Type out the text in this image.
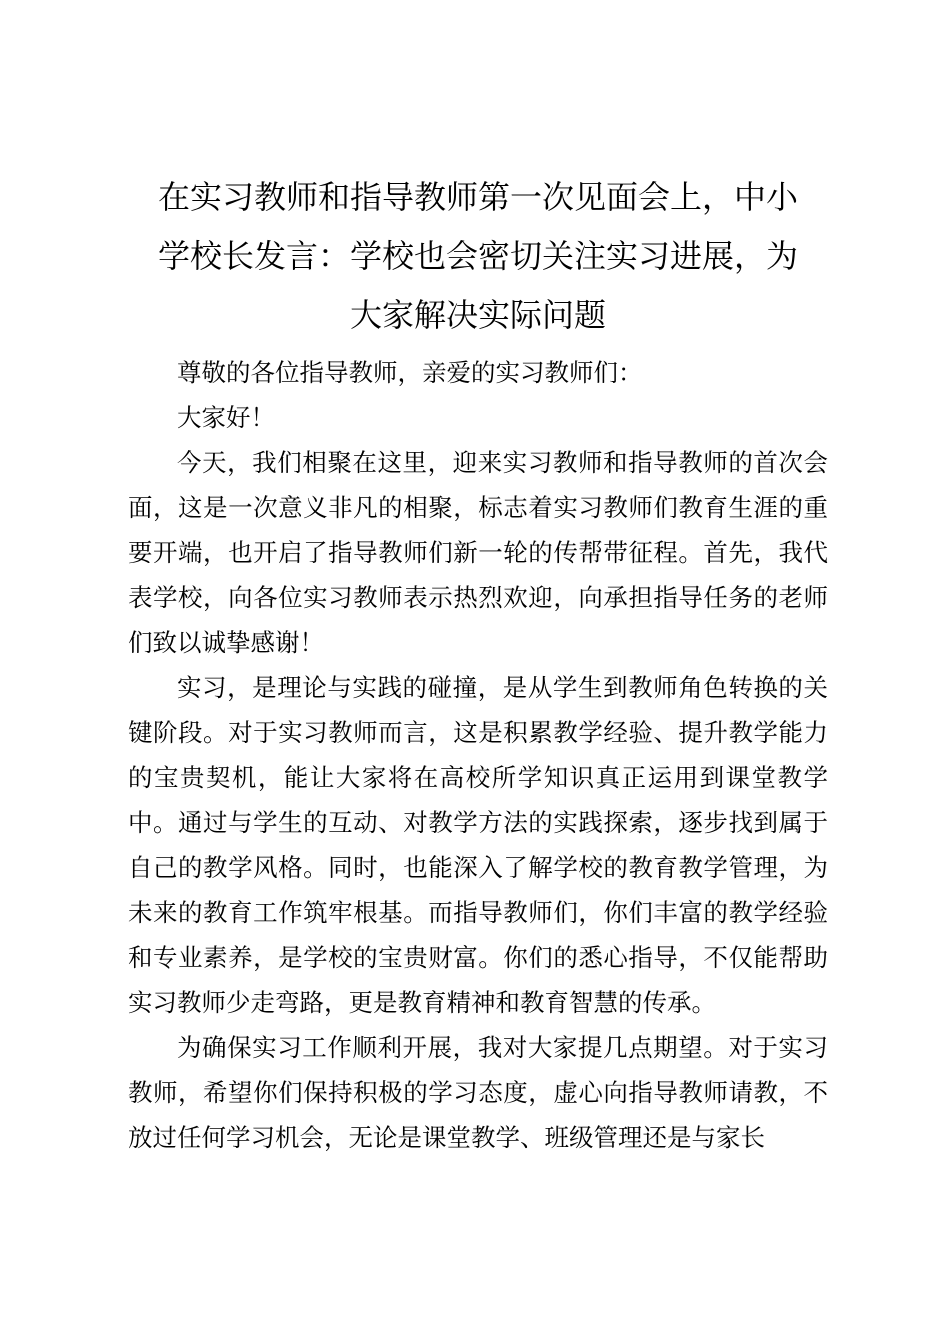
在实习教师和指导教师第一次见面会上，中小
学校长发言：学校也会密切关注实习进展，为
大家解决实际问题

尊敬的各位指导教师，亲爱的实习教师们：

大家好！

今天，我们相聚在这里，迎来实习教师和指导教师的首次会面，这是一次意义非凡的相聚，标志着实习教师们教育生涯的重要开端，也开启了指导教师们新一轮的传帮带征程。首先，我代表学校，向各位实习教师表示热烈欢迎，向承担指导任务的老师们致以诚挚感谢！

实习，是理论与实践的碰撞，是从学生到教师角色转换的关键阶段。对于实习教师而言，这是积累教学经验、提升教学能力的宝贵契机，能让大家将在高校所学知识真正运用到课堂教学中。通过与学生的互动、对教学方法的实践探索，逐步找到属于自己的教学风格。同时，也能深入了解学校的教育教学管理，为未来的教育工作筑牢根基。而指导教师们，你们丰富的教学经验和专业素养，是学校的宝贵财富。你们的悉心指导，不仅能帮助实习教师少走弯路，更是教育精神和教育智慧的传承。

为确保实习工作顺利开展，我对大家提几点期望。对于实习教师，希望你们保持积极的学习态度，虚心向指导教师请教，不放过任何学习机会，无论是课堂教学、班级管理还是与家长
